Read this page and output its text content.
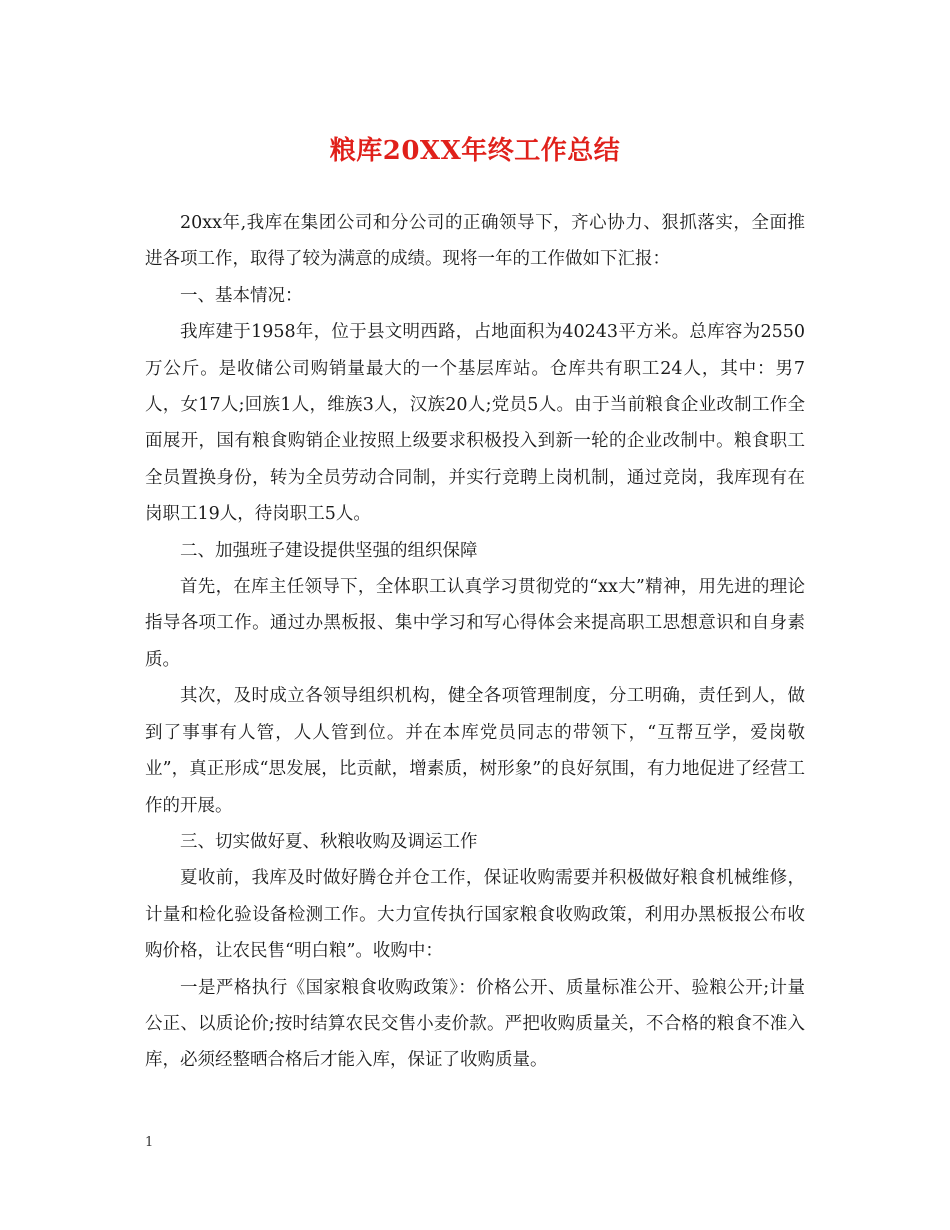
粮库20XX年终工作总结

20xx年,我库在集团公司和分公司的正确领导下，齐心协力、狠抓落实，全面推进各项工作，取得了较为满意的成绩。现将一年的工作做如下汇报：

一、基本情况：

我库建于1958年，位于县文明西路，占地面积为40243平方米。总库容为2550万公斤。是收储公司购销量最大的一个基层库站。仓库共有职工24人，其中：男7人，女17人;回族1人，维族3人，汉族20人;党员5人。由于当前粮食企业改制工作全面展开，国有粮食购销企业按照上级要求积极投入到新一轮的企业改制中。粮食职工全员置换身份，转为全员劳动合同制，并实行竞聘上岗机制，通过竞岗，我库现有在岗职工19人，待岗职工5人。

二、加强班子建设提供坚强的组织保障

首先，在库主任领导下，全体职工认真学习贯彻党的“xx大”精神，用先进的理论指导各项工作。通过办黑板报、集中学习和写心得体会来提高职工思想意识和自身素质。

其次，及时成立各领导组织机构，健全各项管理制度，分工明确，责任到人，做到了事事有人管，人人管到位。并在本库党员同志的带领下，“互帮互学，爱岗敬业”，真正形成“思发展，比贡献，增素质，树形象”的良好氛围，有力地促进了经营工作的开展。

三、切实做好夏、秋粮收购及调运工作

夏收前，我库及时做好腾仓并仓工作，保证收购需要并积极做好粮食机械维修，计量和检化验设备检测工作。大力宣传执行国家粮食收购政策，利用办黑板报公布收购价格，让农民售“明白粮”。收购中：

一是严格执行《国家粮食收购政策》：价格公开、质量标准公开、验粮公开;计量公正、以质论价;按时结算农民交售小麦价款。严把收购质量关，不合格的粮食不准入库，必须经整晒合格后才能入库，保证了收购质量。

1
